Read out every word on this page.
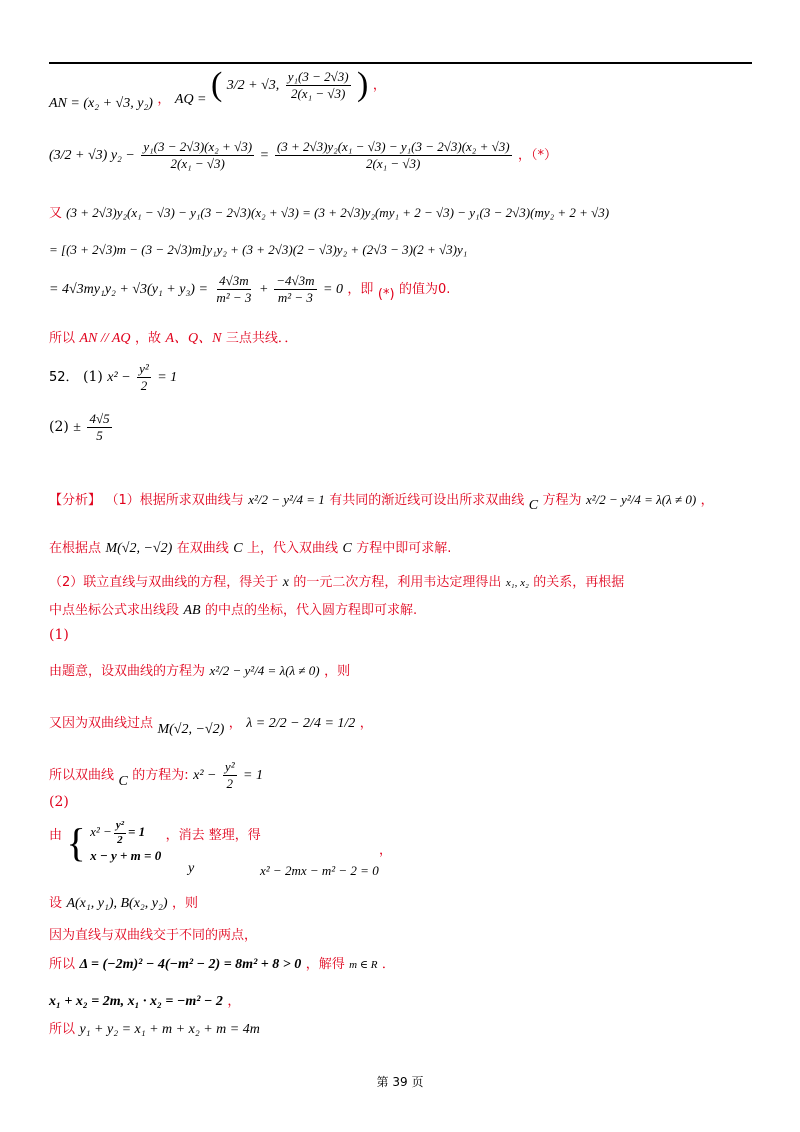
AN = (x₂ + √3, y₂) ， AQ = ( 3/2 + √3, $\frac{\text{y₁(3 − 2√3)}}{\text{2(x₁ − √3)}}$ ) ，
(3/2 + √3) $y_2 - \frac{\text{y₁(3 − 2√3)(x₂ + √3)}}{\text{2(x₁ − √3)}} = \frac{\text{(3 + 2√3)y₂(x₁ − √3) − y₁(3 − 2√3)(x₂ + √3)}}{\text{2(x₁ − √3)}}$ ，（*）
又 (3 + 2√3)y₂(x₁ − √3) − y₁(3 − 2√3)(x₂ + √3) = (3 + 2√3)y₂(my₁ + 2 − √3) − y₁(3 − 2√3)(my₂ + 2 + √3)
= [(3 + 2√3)m − (3 − 2√3)m]y₁y₂ + (3 + 2√3)(2 − √3)y₂ + (2√3 − 3)(2 + √3)y₁
= $4√3my_1y_2 + √3(y_1 + y_3) = \frac{4√3m}{\text{m² − 3}} + \frac{-4√3m}{\text{m² − 3}} = 0$ ，即 (*) 的值为0.
所以 AN // AQ ，故 A、Q、N 三点共线．．
52． (1) $x^2 - \frac{\text{y²}}{2} = 1$
$(2) \pm \frac{4√5}{5}$
【分析】 （1）根据所求双曲线与 x²/2 − y²/4 = 1 有共同的渐近线可设出所求双曲线 C 方程为 x²/2 − y²/4 = λ(λ ≠ 0) ，
在根据点 M(√2, −√2) 在双曲线 C 上，代入双曲线 C 方程中即可求解.
（2）联立直线与双曲线的方程，得关于 x 的一元二次方程，利用韦达定理得出 x₁, x₂ 的关系，再根据
中点坐标公式求出线段 AB 的中点的坐标，代入圆方程即可求解.
(1)
由题意，设双曲线的方程为 x²/2 − y²/4 = λ(λ ≠ 0) ，则
又因为双曲线过点 M(√2, −√2) ， λ = 2/2 − 2/4 = 1/2 ，
所以双曲线 C 的方程为: $x^2 - \frac{\text{y²}}{2} = 1$
(2)
由 { $x^2 - \frac{\text{y²}}{2} = 1$
x − y + m = 0
，消去 整理，得
y	x² − 2mx − m² − 2 = 0
，
设 A(x₁, y₁), B(x₂, y₂) ，则
因为直线与双曲线交于不同的两点，
所以 Δ = (−2m)² − 4(−m² − 2) = 8m² + 8 > 0 ，解得 m ∈ R ．
x₁ + x₂ = 2m, x₁ · x₂ = −m² − 2 ，
所以 y₁ + y₂ = x₁ + m + x₂ + m = 4m
第 39 页
